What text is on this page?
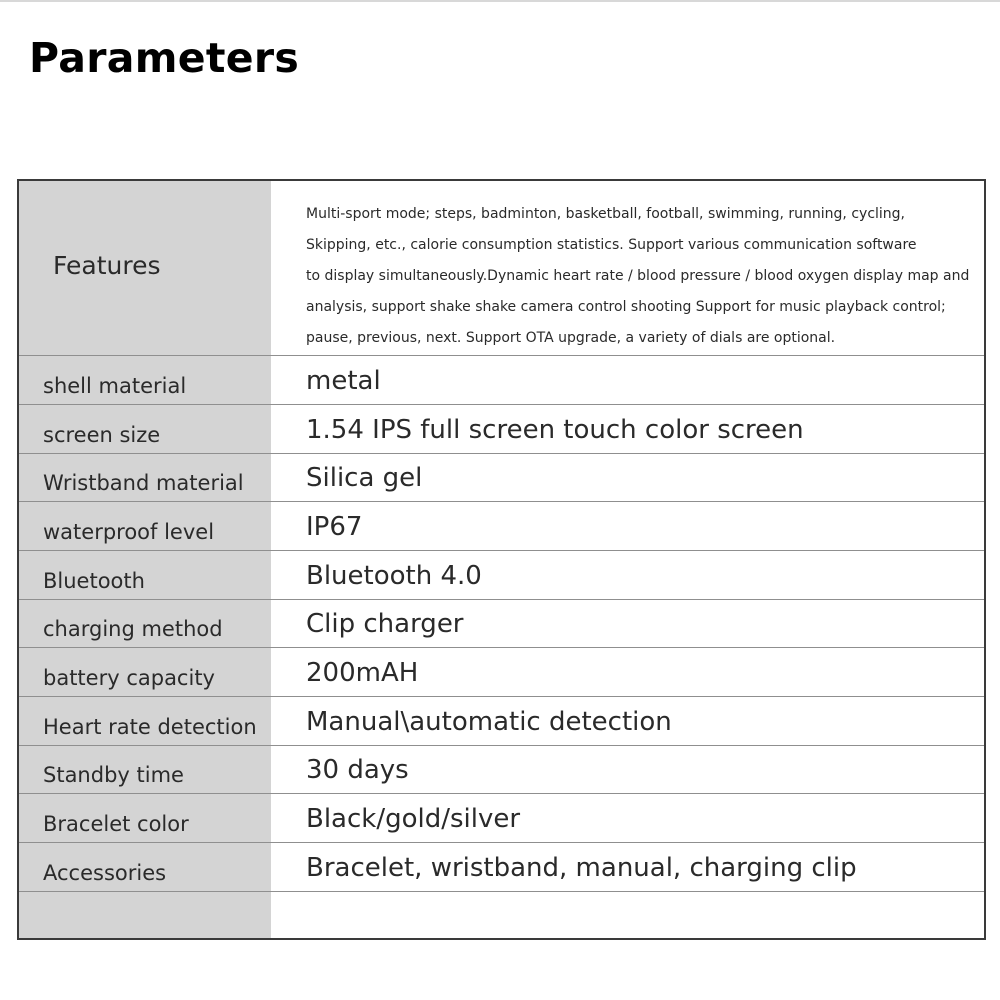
Parameters
Features
Multi-sport mode; steps, badminton, basketball, football, swimming, running, cycling,
Skipping, etc., calorie consumption statistics. Support various communication software
to display simultaneously.Dynamic heart rate / blood pressure / blood oxygen display map and
analysis, support shake shake camera control shooting Support for music playback control;
pause, previous, next. Support OTA upgrade, a variety of dials are optional.
shell material	metal
screen size	1.54 IPS full screen touch color screen
Wristband material Silica gel
waterproof level	IP67
Bluetooth	Bluetooth 4.0
charging method	Clip charger
battery capacity	200mAH
Heart rate detection Manual\automatic detection
Standby time	30 days
Bracelet color	Black/gold/silver
Accessories	Bracelet, wristband, manual, charging clip
